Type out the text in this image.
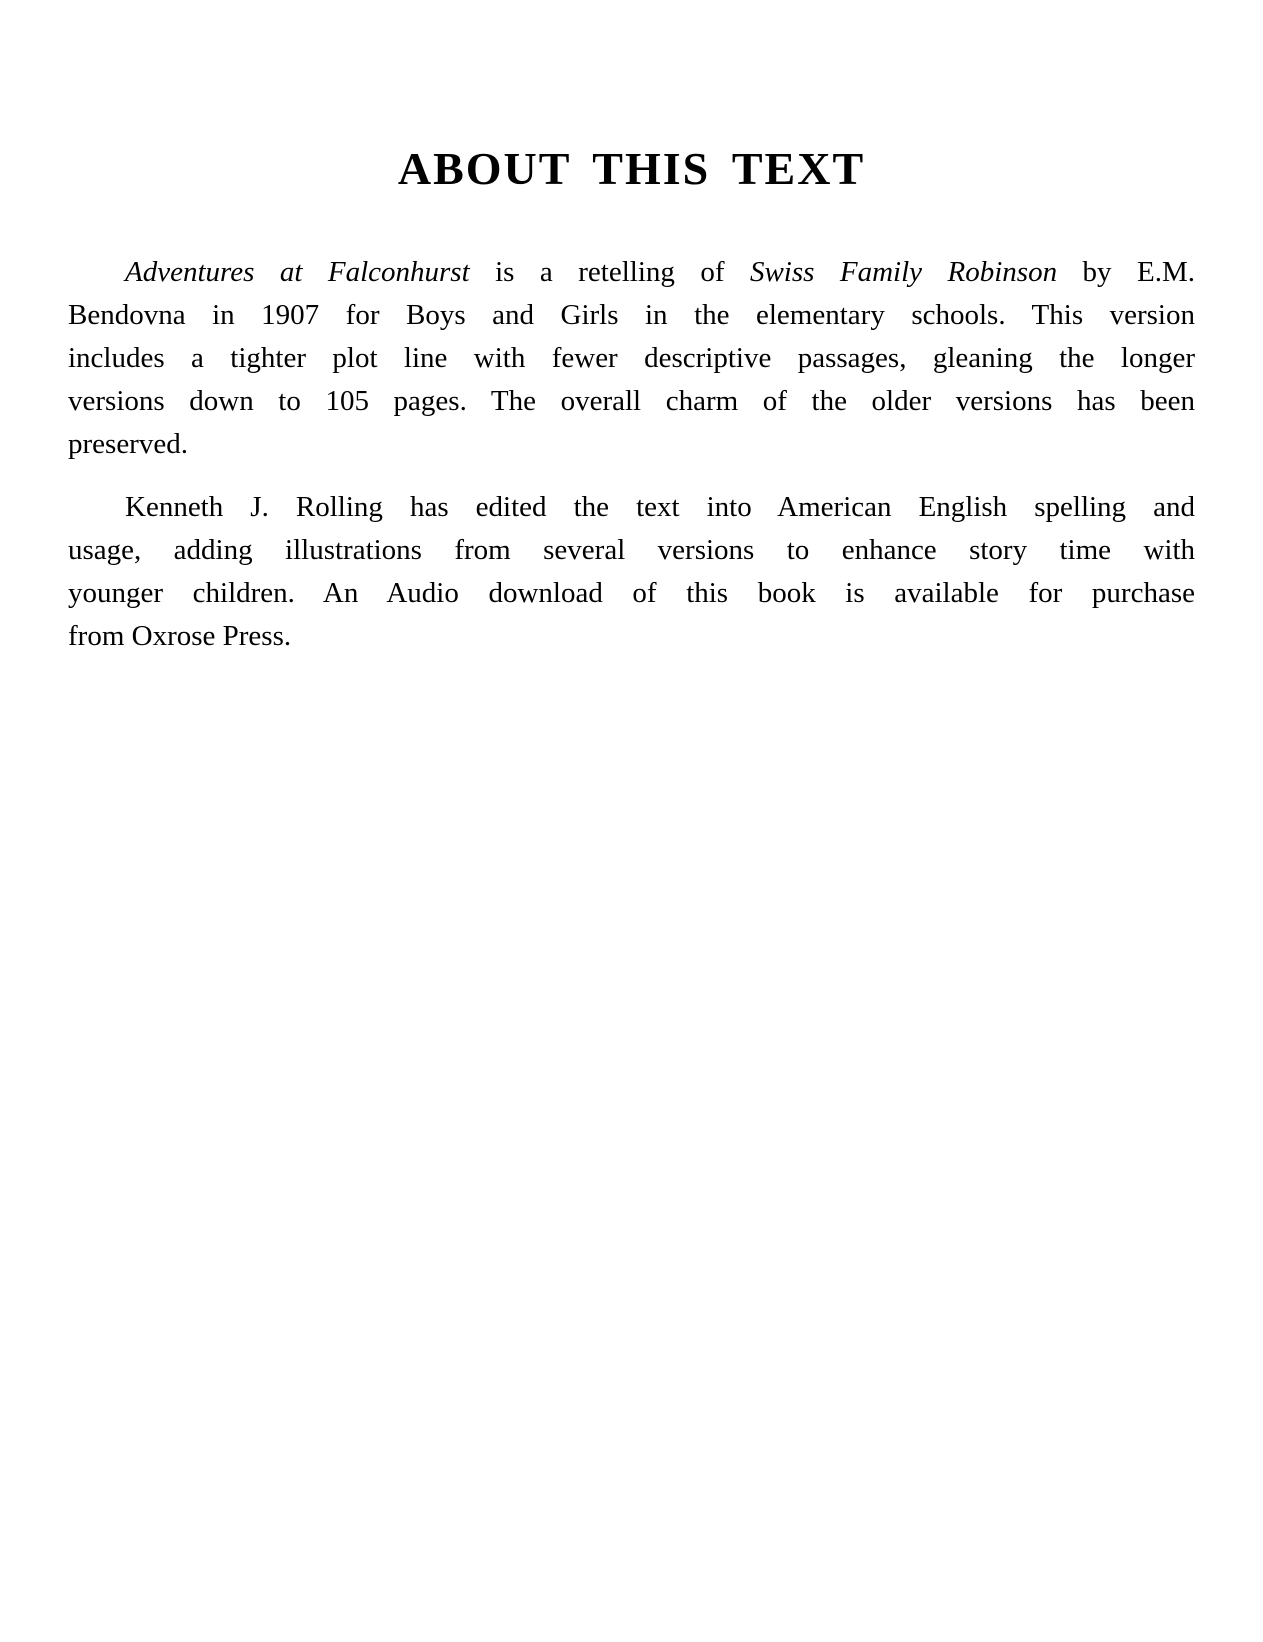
ABOUT THIS TEXT
Adventures at Falconhurst is a retelling of Swiss Family Robinson by E.M.
Bendovna in 1907 for Boys and Girls in the elementary schools. This version
includes a tighter plot line with fewer descriptive passages, gleaning the longer
versions down to 105 pages. The overall charm of the older versions has been
preserved.
Kenneth J. Rolling has edited the text into American English spelling and
usage, adding illustrations from several versions to enhance story time with
younger children. An Audio download of this book is available for purchase
from Oxrose Press.
